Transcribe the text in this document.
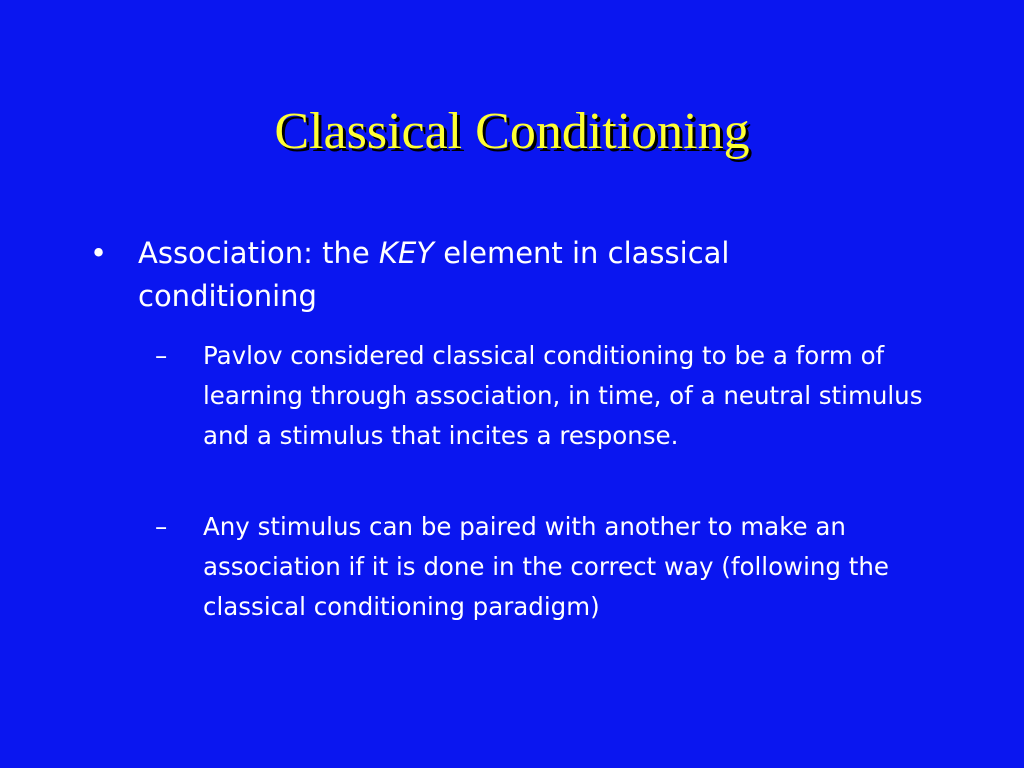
Classical Conditioning
• Association: the KEY element in classical conditioning
– Pavlov considered classical conditioning to be a form of learning through association, in time, of a neutral stimulus and a stimulus that incites a response.
– Any stimulus can be paired with another to make an association if it is done in the correct way (following the classical conditioning paradigm)
